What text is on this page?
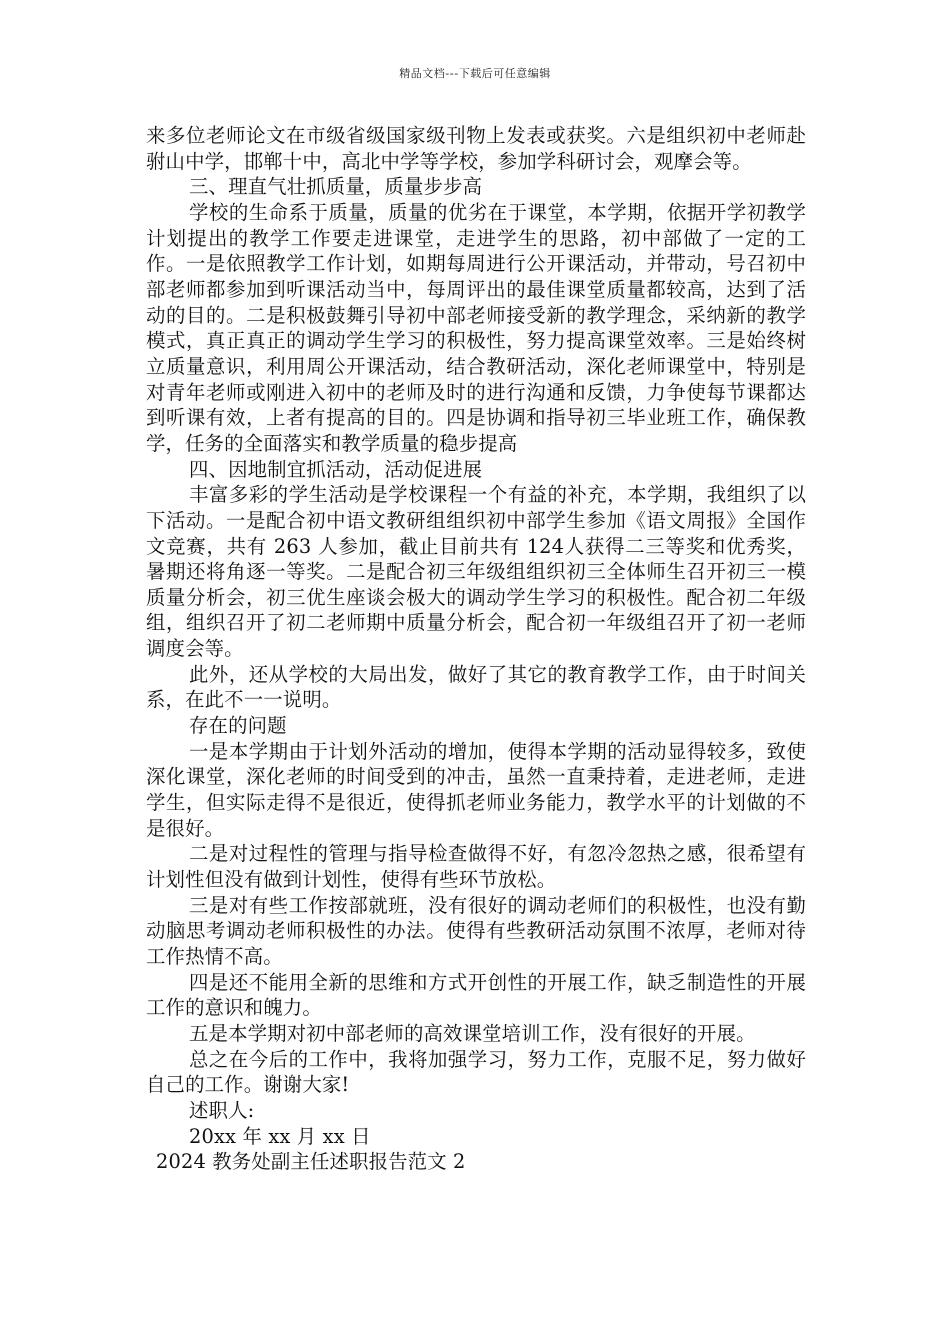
精品文档---下载后可任意编辑

来多位老师论文在市级省级国家级刊物上发表或获奖。六是组织初中老师赴驸山中学，邯郸十中，高北中学等学校，参加学科研讨会，观摩会等。

三、理直气壮抓质量，质量步步高

学校的生命系于质量，质量的优劣在于课堂，本学期，依据开学初教学计划提出的教学工作要走进课堂，走进学生的思路，初中部做了一定的工作。一是依照教学工作计划，如期每周进行公开课活动，并带动，号召初中部老师都参加到听课活动当中，每周评出的最佳课堂质量都较高，达到了活动的目的。二是积极鼓舞引导初中部老师接受新的教学理念，采纳新的教学模式，真正真正的调动学生学习的积极性，努力提高课堂效率。三是始终树立质量意识，利用周公开课活动，结合教研活动，深化老师课堂中，特别是对青年老师或刚进入初中的老师及时的进行沟通和反馈，力争使每节课都达到听课有效，上者有提高的目的。四是协调和指导初三毕业班工作，确保教学，任务的全面落实和教学质量的稳步提高

四、因地制宜抓活动，活动促进展

丰富多彩的学生活动是学校课程一个有益的补充，本学期，我组织了以下活动。一是配合初中语文教研组组织初中部学生参加《语文周报》全国作文竞赛，共有 263 人参加，截止目前共有 124人获得二三等奖和优秀奖，暑期还将角逐一等奖。二是配合初三年级组组织初三全体师生召开初三一模质量分析会，初三优生座谈会极大的调动学生学习的积极性。配合初二年级组，组织召开了初二老师期中质量分析会，配合初一年级组召开了初一老师调度会等。

此外，还从学校的大局出发，做好了其它的教育教学工作，由于时间关系，在此不一一说明。

存在的问题

一是本学期由于计划外活动的增加，使得本学期的活动显得较多，致使深化课堂，深化老师的时间受到的冲击，虽然一直秉持着，走进老师，走进学生，但实际走得不是很近，使得抓老师业务能力，教学水平的计划做的不是很好。

二是对过程性的管理与指导检查做得不好，有忽冷忽热之感，很希望有计划性但没有做到计划性，使得有些环节放松。

三是对有些工作按部就班，没有很好的调动老师们的积极性，也没有勤动脑思考调动老师积极性的办法。使得有些教研活动氛围不浓厚，老师对待工作热情不高。

四是还不能用全新的思维和方式开创性的开展工作，缺乏制造性的开展工作的意识和魄力。

五是本学期对初中部老师的高效课堂培训工作，没有很好的开展。

总之在今后的工作中，我将加强学习，努力工作，克服不足，努力做好自己的工作。谢谢大家!

述职人:

20xx 年 xx 月 xx 日

2024 教务处副主任述职报告范文 2
